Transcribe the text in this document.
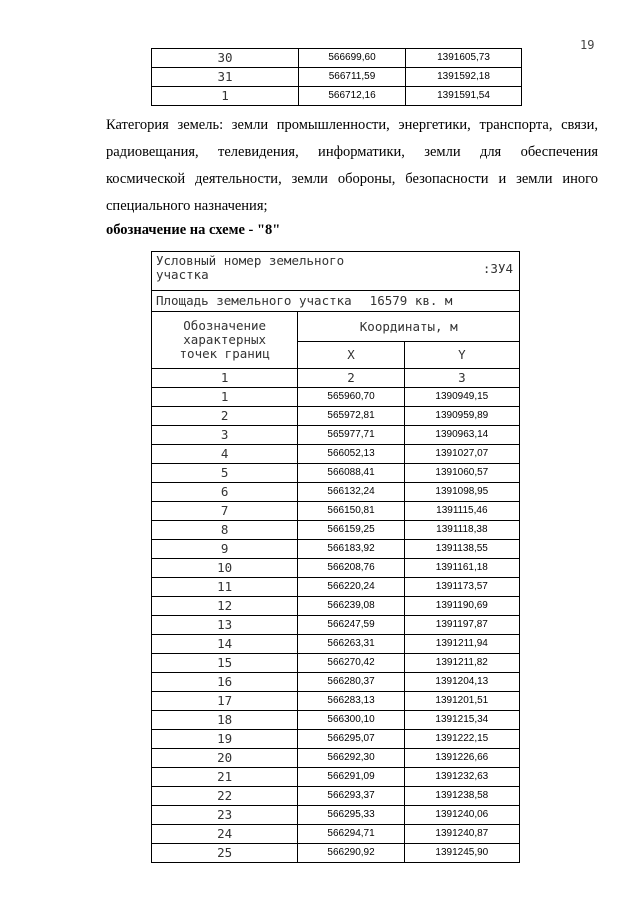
19
30	566699,60	1391605,73
31	566711,59	1391592,18
1	566712,16	1391591,54

Категория земель: земли промышленности, энергетики, транспорта, связи, радиовещания, телевидения, информатики, земли для обеспечения космической деятельности, земли обороны, безопасности и земли иного специального назначения;

обозначение на схеме - "8"
Условный номер земельного участка :ЗУ4		

Площадь земельного участка 16579 кв. м		
Обозначение характерных точек границ	Координаты, м	
	X	Y
1	2	3
1	565960,70	1390949,15
2	565972,81	1390959,89
3	565977,71	1390963,14
4	566052,13	1391027,07
5	566088,41	1391060,57
6	566132,24	1391098,95
7	566150,81	1391115,46
8	566159,25	1391118,38
9	566183,92	1391138,55
10	566208,76	1391161,18
11	566220,24	1391173,57
12	566239,08	1391190,69
13	566247,59	1391197,87
14	566263,31	1391211,94
15	566270,42	1391211,82
16	566280,37	1391204,13
17	566283,13	1391201,51
18	566300,10	1391215,34
19	566295,07	1391222,15
20	566292,30	1391226,66
21	566291,09	1391232,63
22	566293,37	1391238,58
23	566295,33	1391240,06
24	566294,71	1391240,87
25	566290,92	1391245,90
